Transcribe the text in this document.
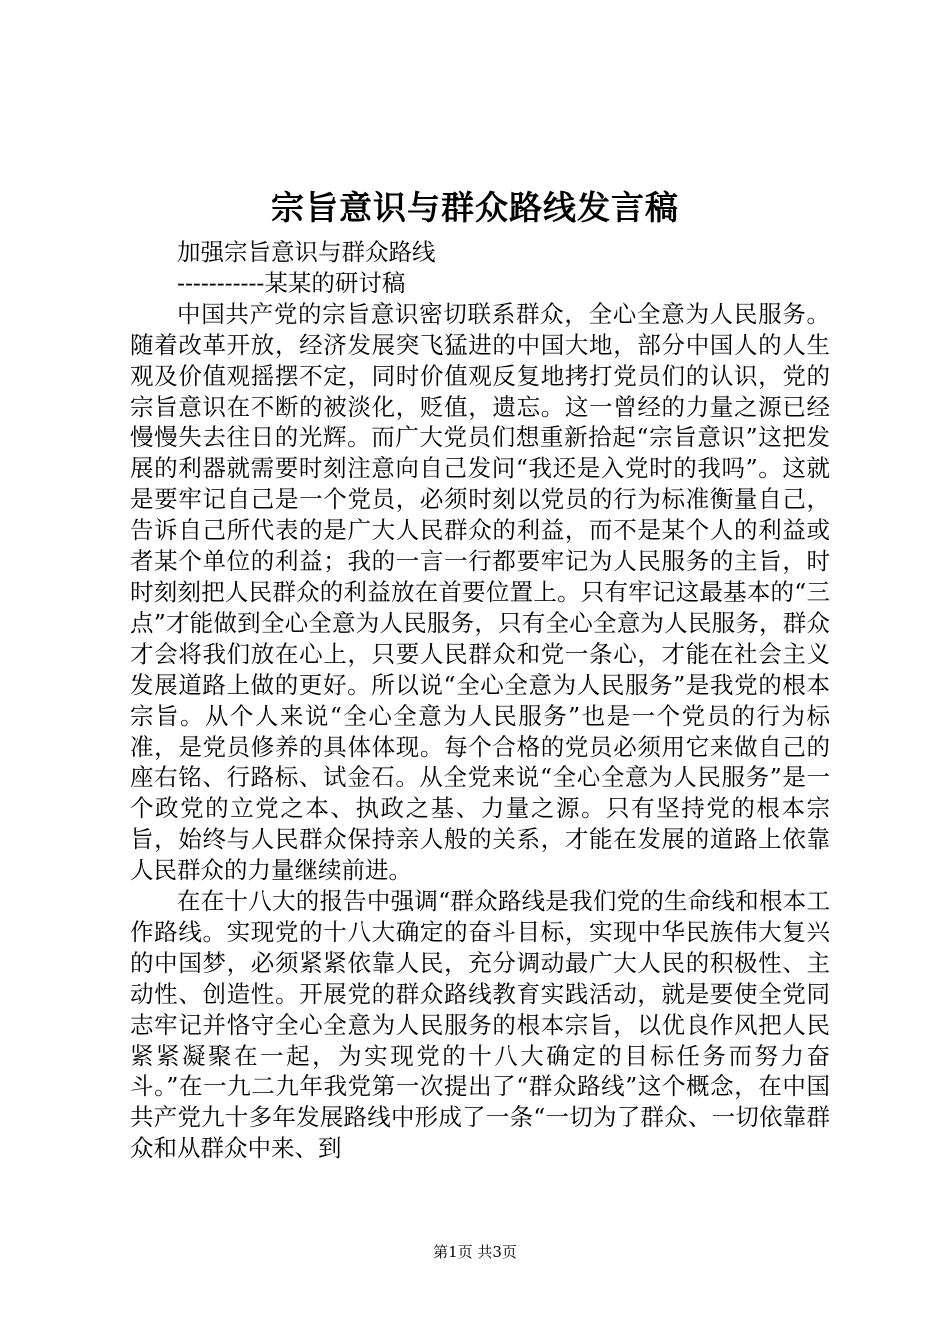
宗旨意识与群众路线发言稿

加强宗旨意识与群众路线

-----------某某的研讨稿

中国共产党的宗旨意识密切联系群众，全心全意为人民服务。随着改革开放，经济发展突飞猛进的中国大地，部分中国人的人生观及价值观摇摆不定，同时价值观反复地拷打党员们的认识，党的宗旨意识在不断的被淡化，贬值，遗忘。这一曾经的力量之源已经慢慢失去往日的光辉。而广大党员们想重新拾起“宗旨意识”这把发展的利器就需要时刻注意向自己发问“我还是入党时的我吗”。这就是要牢记自己是一个党员，必须时刻以党员的行为标准衡量自己，告诉自己所代表的是广大人民群众的利益，而不是某个人的利益或者某个单位的利益；我的一言一行都要牢记为人民服务的主旨，时时刻刻把人民群众的利益放在首要位置上。只有牢记这最基本的“三点”才能做到全心全意为人民服务，只有全心全意为人民服务，群众才会将我们放在心上，只要人民群众和党一条心，才能在社会主义发展道路上做的更好。所以说“全心全意为人民服务”是我党的根本宗旨。从个人来说“全心全意为人民服务”也是一个党员的行为标准，是党员修养的具体体现。每个合格的党员必须用它来做自己的座右铭、行路标、试金石。从全党来说“全心全意为人民服务”是一个政党的立党之本、执政之基、力量之源。只有坚持党的根本宗旨，始终与人民群众保持亲人般的关系，才能在发展的道路上依靠人民群众的力量继续前进。

在在十八大的报告中强调“群众路线是我们党的生命线和根本工作路线。实现党的十八大确定的奋斗目标，实现中华民族伟大复兴的中国梦，必须紧紧依靠人民，充分调动最广大人民的积极性、主动性、创造性。开展党的群众路线教育实践活动，就是要使全党同志牢记并恪守全心全意为人民服务的根本宗旨，以优良作风把人民紧紧凝聚在一起，为实现党的十八大确定的目标任务而努力奋斗。”在一九二九年我党第一次提出了“群众路线”这个概念，在中国共产党九十多年发展路线中形成了一条“一切为了群众、一切依靠群众和从群众中来、到

第1页 共3页
